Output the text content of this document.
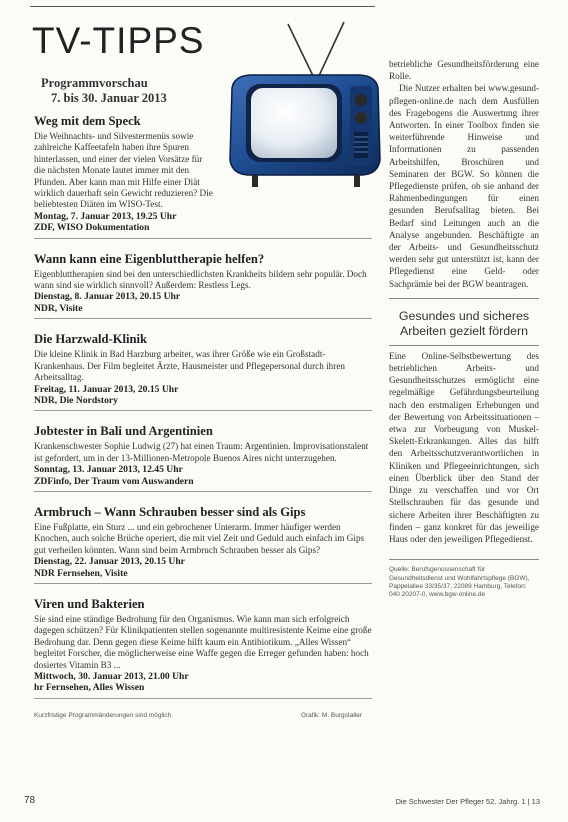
TV-TIPPS
Programmvorschau
7. bis 30. Januar 2013
Weg mit dem Speck

Die Weihnachts- und Silvestermenüs sowie zahlreiche Kaffeetafeln haben ihre Spuren hinterlassen, und einer der vielen Vorsätze für die nächsten Monate lautet immer mit den Pfunden. Aber kann man mit Hilfe einer Diät wirklich dauerhaft sein Gewicht reduzieren? Die beliebtesten Diäten im WISO-Test.

Montag, 7. Januar 2013, 19.25 Uhr

ZDF, WISO Dokumentation

Wann kann eine Eigenbluttherapie helfen?

Eigenbluttherapien sind bei den unterschiedlichsten Krankheits bildern sehr populär. Doch wann sind sie wirklich sinnvoll? Außerdem: Restless Legs.

Dienstag, 8. Januar 2013, 20.15 Uhr

NDR, Visite

Die Harzwald-Klinik

Die kleine Klinik in Bad Harzburg arbeitet, was ihrer Größe wie ein Großstadt-Krankenhaus. Der Film begleitet Ärzte, Hausmeister und Pflegepersonal durch ihren Arbeitsalltag.

Freitag, 11. Januar 2013, 20.15 Uhr

NDR, Die Nordstory

Jobtester in Bali und Argentinien

Krankenschwester Sophie Ludwig (27) hat einen Traum: Argentinien. Improvisationstalent ist gefordert, um in der 13-Millionen-Metropole Buenos Aires nicht unterzugehen.

Sonntag, 13. Januar 2013, 12.45 Uhr

ZDFinfo, Der Traum vom Auswandern

Armbruch – Wann Schrauben besser sind als Gips

Eine Fußplatte, ein Sturz ... und ein gebrochener Unterarm. Immer häufiger werden Knochen, auch solche Brüche operiert, die mit viel Zeit und Geduld auch einfach im Gips gut verheilen könnten. Wann sind beim Armbruch Schrauben besser als Gips?

Dienstag, 22. Januar 2013, 20.15 Uhr

NDR Fernsehen, Visite

Viren und Bakterien

Sie sind eine ständige Bedrohung für den Organismus. Wie kann man sich erfolgreich dagegen schützen? Für Klinikpatienten stellen sogenannte multiresistente Keime eine große Bedrohung dar. Denn gegen diese Keime hilft kaum ein Antibiotikum. „Alles Wissen“ begleitet Forscher, die möglicherweise eine Waffe gegen die Erreger gefunden haben: hoch dosiertes Vitamin B3 ...

Mittwoch, 30. Januar 2013, 21.00 Uhr

hr Fernsehen, Alles Wissen

Kurzfristige Programmänderungen sind möglich.	Grafik: M. Burgstaller

betriebliche Gesundheitsförderung eine Rolle.

Die Nutzer erhalten bei www.gesund-pflegen-online.de nach dem Ausfüllen des Fragebogens die Auswertung ihrer Antworten. In einer Toolbox finden sie weiterführende Hinweise und Informationen zu passenden Arbeitshilfen, Broschüren und Seminaren der BGW. So können die Pflegedienste prüfen, ob sie anhand der Rahmenbedingungen für einen gesunden Berufsalltag bieten. Bei Bedarf sind Leitungen auch an die Analyse angebunden. Beschäftigte an der Arbeits- und Gesundheitsschutz werden sehr gut unterstützt ist, kann der Pflegedienst eine Geld- oder Sachprämie bei der BGW beantragen.

Gesundes und sicheres Arbeiten gezielt fördern

Eine Online-Selbstbewertung des betrieblichen Arbeits- und Gesundheitsschutzes ermöglicht eine regelmäßige Gefährdungsbeurteilung nach den erstmaligen Erhebungen und der Bewertung von Arbeitssituationen – etwa zur Vorbeugung von Muskel-Skelett-Erkrankungen. Alles das hilft den Arbeitsschutzverantwortlichen in Kliniken und Pflegeeinrichtungen, sich einen Überblick über den Stand der Dinge zu verschaffen und vor Ort Stellschrauben für das gesunde und sichere Arbeiten ihrer Beschäftigten zu finden – ganz konkret für das jeweilige Haus oder den jeweiligen Pflegedienst.

Quelle: Berufsgenossenschaft für Gesundheitsdienst und Wohlfahrtspflege (BGW), Pappelallee 33/35/37, 22089 Hamburg, Telefon: 040 20207-0, www.bgw-online.de
78	Die Schwester Der Pfleger 52. Jahrg. 1 | 13
